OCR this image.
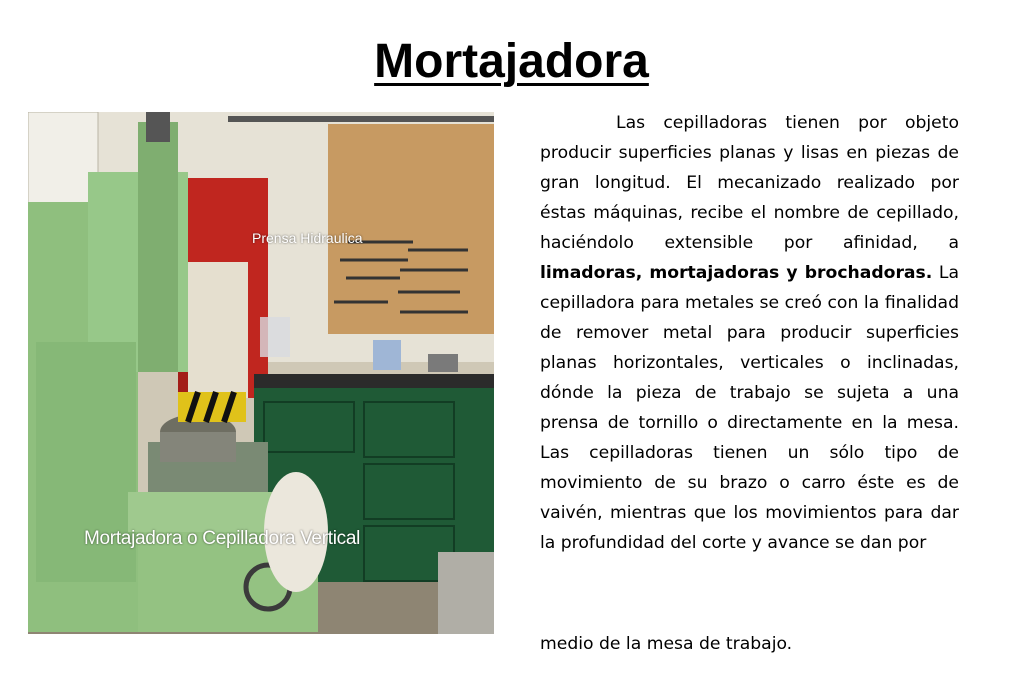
Mortajadora
Prensa Hidraulica
Mortajadora o Cepilladora Vertical

Las cepilladoras tienen por objeto producir superficies planas y lisas en piezas de gran longitud. El mecanizado realizado por éstas máquinas, recibe el nombre de cepillado, haciéndolo extensible por afinidad, a limadoras, mortajadoras y brochadoras. La cepilladora para metales se creó con la finalidad de remover metal para producir superficies planas horizontales, verticales o inclinadas, dónde la pieza de trabajo se sujeta a una prensa de tornillo o directamente en la mesa. Las cepilladoras tienen un sólo tipo de movimiento de su brazo o carro éste es de vaivén, mientras que los movimientos para dar la profundidad del corte y avance se dan por

medio de la mesa de trabajo.
